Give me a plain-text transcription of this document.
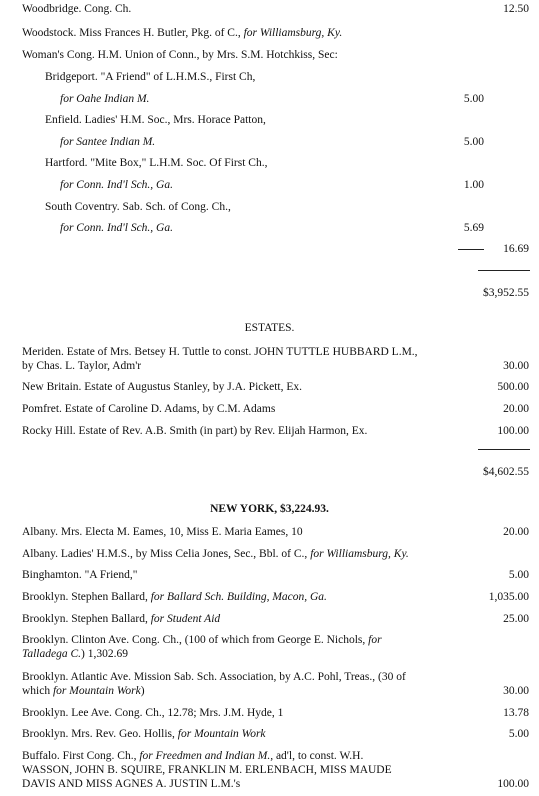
Woodbridge. Cong. Ch.	12.50
Woodstock. Miss Frances H. Butler, Pkg. of C., for Williamsburg, Ky.
Woman's Cong. H.M. Union of Conn., by Mrs. S.M. Hotchkiss, Sec:
Bridgeport. "A Friend" of L.H.M.S., First Ch,
for Oahe Indian M.	5.00
Enfield. Ladies' H.M. Soc., Mrs. Horace Patton,
for Santee Indian M.	5.00
Hartford. "Mite Box," L.H.M. Soc. Of First Ch.,
for Conn. Ind'l Sch., Ga.	1.00
South Coventry. Sab. Sch. of Cong. Ch.,
for Conn. Ind'l Sch., Ga.	5.69
16.69
$3,952.55
ESTATES.
Meriden. Estate of Mrs. Betsey H. Tuttle to const. JOHN TUTTLE HUBBARD L.M.,
by Chas. L. Taylor, Adm'r	30.00
New Britain. Estate of Augustus Stanley, by J.A. Pickett, Ex.	500.00
Pomfret. Estate of Caroline D. Adams, by C.M. Adams	20.00
Rocky Hill. Estate of Rev. A.B. Smith (in part) by Rev. Elijah Harmon, Ex.	100.00
$4,602.55
NEW YORK, $3,224.93.
Albany. Mrs. Electa M. Eames, 10, Miss E. Maria Eames, 10	20.00
Albany. Ladies' H.M.S., by Miss Celia Jones, Sec., Bbl. of C., for Williamsburg, Ky.
Binghamton. "A Friend,"	5.00
Brooklyn. Stephen Ballard, for Ballard Sch. Building, Macon, Ga.	1,035.00
Brooklyn. Stephen Ballard, for Student Aid	25.00
Brooklyn. Clinton Ave. Cong. Ch., (100 of which from George E. Nichols, for
Talladega C.) 1,302.69
Brooklyn. Atlantic Ave. Mission Sab. Sch. Association, by A.C. Pohl, Treas., (30 of
which for Mountain Work)	30.00
Brooklyn. Lee Ave. Cong. Ch., 12.78; Mrs. J.M. Hyde, 1	13.78
Brooklyn. Mrs. Rev. Geo. Hollis, for Mountain Work	5.00
Buffalo. First Cong. Ch., for Freedmen and Indian M., ad'l, to const. W.H.
WASSON, JOHN B. SQUIRE, FRANKLIN M. ERLENBACH, MISS MAUDE
DAVIS AND MISS AGNES A. JUSTIN L.M.'s	100.00
